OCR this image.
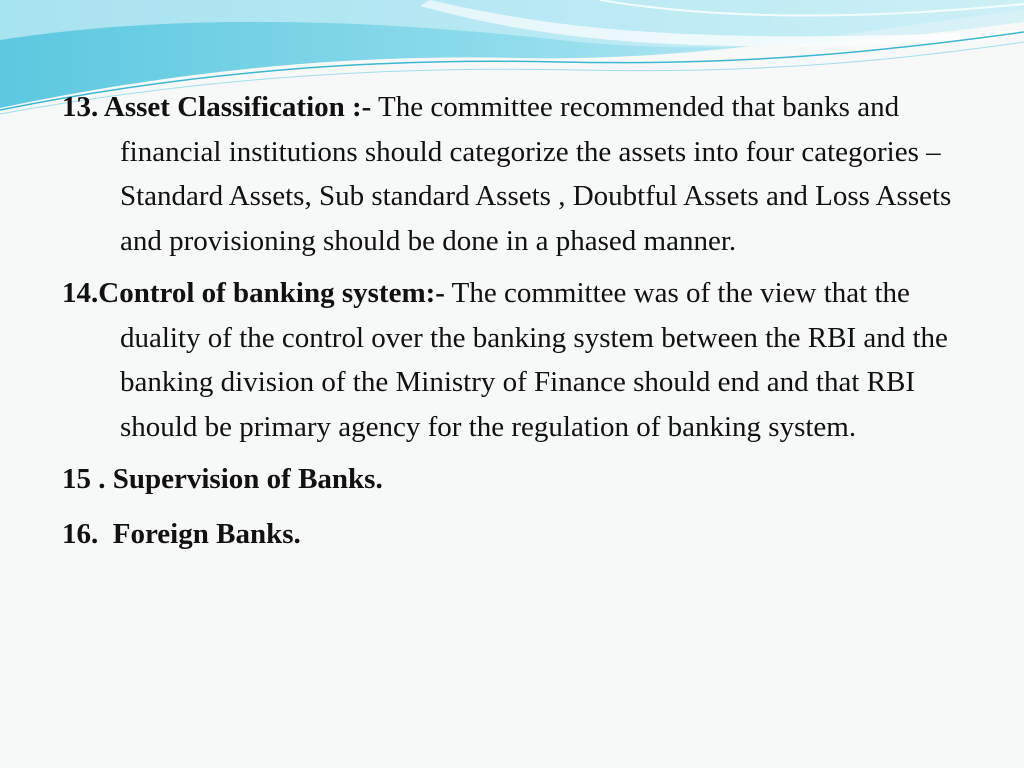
13. Asset Classification :- The committee recommended that banks and financial institutions should categorize the assets into four categories – Standard Assets, Sub standard Assets , Doubtful Assets and Loss Assets and provisioning should be done in a phased manner.

14.Control of banking system:- The committee was of the view that the duality of the control over the banking system between the RBI and the banking division of the Ministry of Finance should end and that RBI should be primary agency for the regulation of banking system.

15 . Supervision of Banks.

16.  Foreign Banks.
